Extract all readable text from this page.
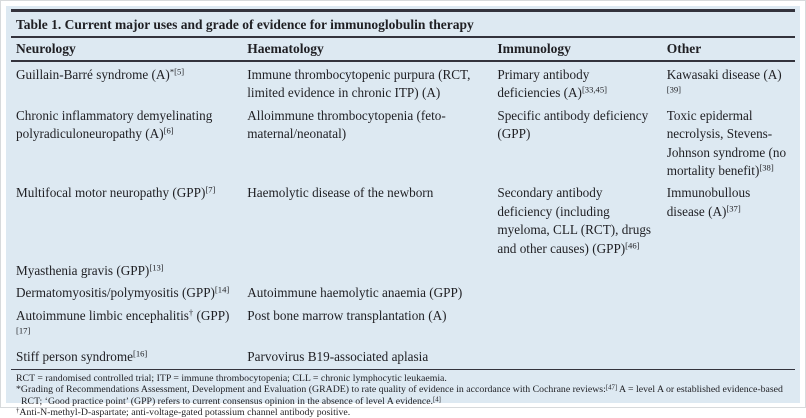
Table 1. Current major uses and grade of evidence for immunoglobulin therapy
Neurology	Haematology	Immunology	Other
Guillain-Barré syndrome $(A)^{*[5]}$	Immune thrombocytopenic purpura (RCT, limited evidence in chronic ITP) (A)	Primary antibody deficiencies (A)[33,45]	Kawasaki disease (A)[39]
Chronic inflammatory demyelinating polyradiculoneuropathy (A)[6]	Alloimmune thrombocytopenia (feto-maternal/neonatal)	Specific antibody deficiency (GPP)	Toxic epidermal necrolysis, Stevens-Johnson syndrome (no mortality benefit)[38]
Multifocal motor neuropathy (GPP)[7]	Haemolytic disease of the newborn	Secondary antibody deficiency (including myeloma, CLL (RCT), drugs and other causes) (GPP)[46]	Immunobullous disease (A)[37]
Myasthenia gravis (GPP)[13]			
Dermatomyositis/polymyositis (GPP)[14]	Autoimmune haemolytic anaemia (GPP)		
Autoimmune limbic encephalitis† (GPP)[17]	Post bone marrow transplantation (A)		
Stiff person syndrome[16]	Parvovirus B19-associated aplasia		
RCT = randomised controlled trial; ITP = immune thrombocytopenia; CLL = chronic lymphocytic leukaemia.
*Grading of Recommendations Assessment, Development and Evaluation (GRADE) to rate quality of evidence in accordance with Cochrane reviews:[47] A = level A or established evidence-based
RCT; ‘Good practice point’ (GPP) refers to current consensus opinion in the absence of level A evidence.[4]
†Anti-N-methyl-D-aspartate; anti-voltage-gated potassium channel antibody positive.
